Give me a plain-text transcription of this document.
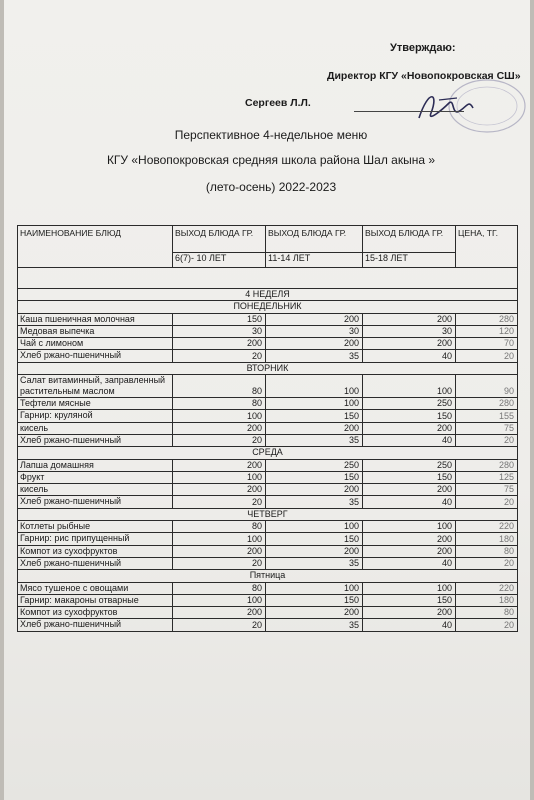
Утверждаю:
Директор КГУ «Новопокровская СШ»
Сергеев Л.Л.
Перспективное 4-недельное меню
КГУ «Новопокровская средняя школа района Шал акына »
(лето-осень) 2022-2023
НАИМЕНОВАНИЕ БЛЮД	ВЫХОД БЛЮДА ГР.	ВЫХОД БЛЮДА ГР.	ВЫХОД БЛЮДА ГР.	ЦЕНА, ТГ.
	6(7)- 10 ЛЕТ	11-14 ЛЕТ	15-18 ЛЕТ	

4 НЕДЕЛЯ				
ПОНЕДЕЛЬНИК				
Каша пшеничная молочная	150	200	200	280
Медовая выпечка	30	30	30	120
Чай с лимоном	200	200	200	70
Хлеб ржано-пшеничный	20	35	40	20
ВТОРНИК				
Салат витаминный, заправленный растительным маслом	80	100	100	90
Тефтели мясные	80	100	250	280
Гарнир: круляной	100	150	150	155
кисель	200	200	200	75
Хлеб ржано-пшеничный	20	35	40	20
СРЕДА				
Лапша домашняя	200	250	250	280
Фрукт	100	150	150	125
кисель	200	200	200	75
Хлеб ржано-пшеничный	20	35	40	20
ЧЕТВЕРГ				
Котлеты рыбные	80	100	100	220
Гарнир: рис припущенный	100	150	200	180
Компот из сухофруктов	200	200	200	80
Хлеб ржано-пшеничный	20	35	40	20
Пятница				
Мясо тушеное с овощами	80	100	100	220
Гарнир: макароны отварные	100	150	150	180
Компот из сухофруктов	200	200	200	80
Хлеб ржано-пшеничный	20	35	40	20
